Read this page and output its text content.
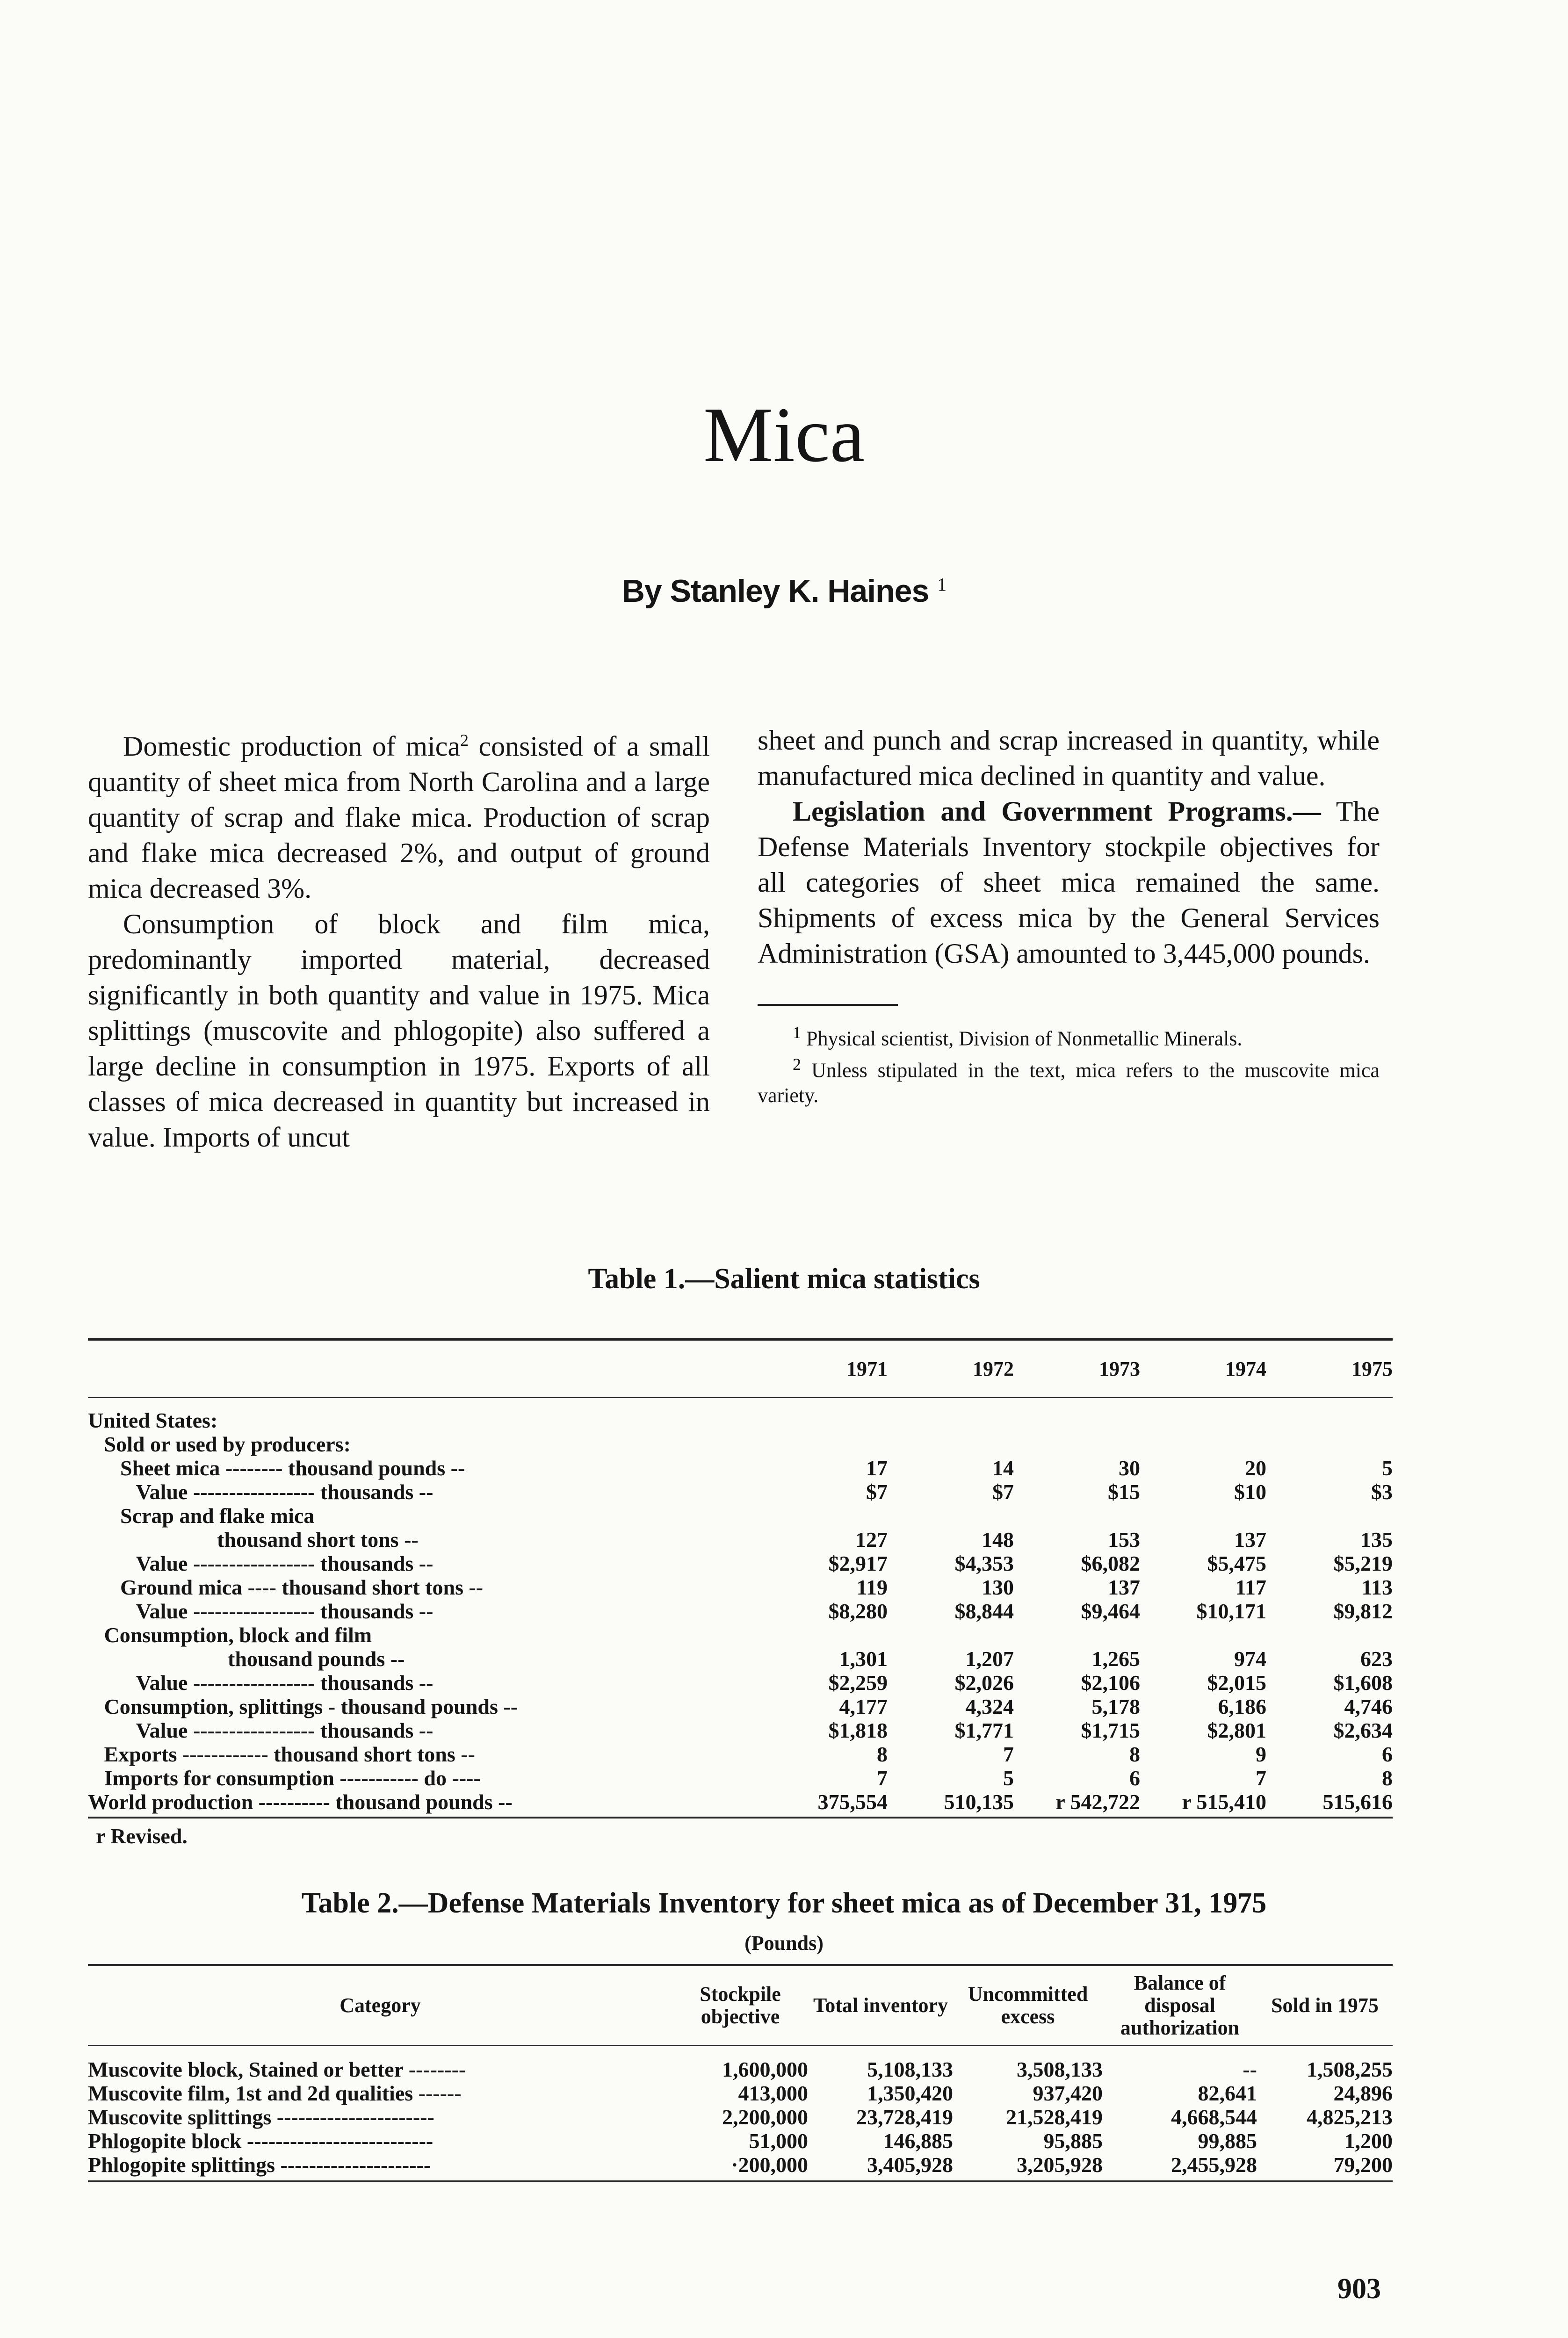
Mica
By Stanley K. Haines $^1$

Domestic production of mica$^2$ consisted of a small quantity of sheet mica from North Carolina and a large quantity of scrap and flake mica. Production of scrap and flake mica decreased 2%, and output of ground mica decreased 3%.

Consumption of block and film mica, predominantly imported material, decreased significantly in both quantity and value in 1975. Mica splittings (muscovite and phlogopite) also suffered a large decline in consumption in 1975. Exports of all classes of mica decreased in quantity but increased in value. Imports of uncut

sheet and punch and scrap increased in quantity, while manufactured mica declined in quantity and value.

Legislation and Government Programs.— The Defense Materials Inventory stockpile objectives for all categories of sheet mica remained the same. Shipments of excess mica by the General Services Administration (GSA) amounted to 3,445,000 pounds.

$^1$ Physical scientist, Division of Nonmetallic Minerals.

$^2$ Unless stipulated in the text, mica refers to the muscovite mica variety.

Table 1.—Salient mica statistics
	1971	1972	1973	1974	1975
United States:					
Sold or used by producers:					
Sheet mica -------- thousand pounds --	17	14	30	20	5
Value ----------------- thousands --	$7	$7	$15	$10	$3
Scrap and flake mica					
thousand short tons --	127	148	153	137	135
Value ----------------- thousands --	$2,917	$4,353	$6,082	$5,475	$5,219
Ground mica ---- thousand short tons --	119	130	137	117	113
Value ----------------- thousands --	$8,280	$8,844	$9,464	$10,171	$9,812
Consumption, block and film					
thousand pounds --	1,301	1,207	1,265	974	623
Value ----------------- thousands --	$2,259	$2,026	$2,106	$2,015	$1,608
Consumption, splittings - thousand pounds --	4,177	4,324	5,178	6,186	4,746
Value ----------------- thousands --	$1,818	$1,771	$1,715	$2,801	$2,634
Exports ------------ thousand short tons --	8	7	8	9	6
Imports for consumption ----------- do ----	7	5	6	7	8
World production ---------- thousand pounds --	375,554	510,135	r 542,722	r 515,410	515,616
r Revised.
Table 2.—Defense Materials Inventory for sheet mica as of December 31, 1975
(Pounds)
Category	Stockpile objective	Total inventory	Uncommitted excess	Balance of disposal authorization	Sold in 1975
Muscovite block, Stained or better --------	1,600,000	5,108,133	3,508,133	--	1,508,255
Muscovite film, 1st and 2d qualities ------	413,000	1,350,420	937,420	82,641	24,896
Muscovite splittings ----------------------	2,200,000	23,728,419	21,528,419	4,668,544	4,825,213
Phlogopite block --------------------------	51,000	146,885	95,885	99,885	1,200
Phlogopite splittings ---------------------	·200,000	3,405,928	3,205,928	2,455,928	79,200
903
